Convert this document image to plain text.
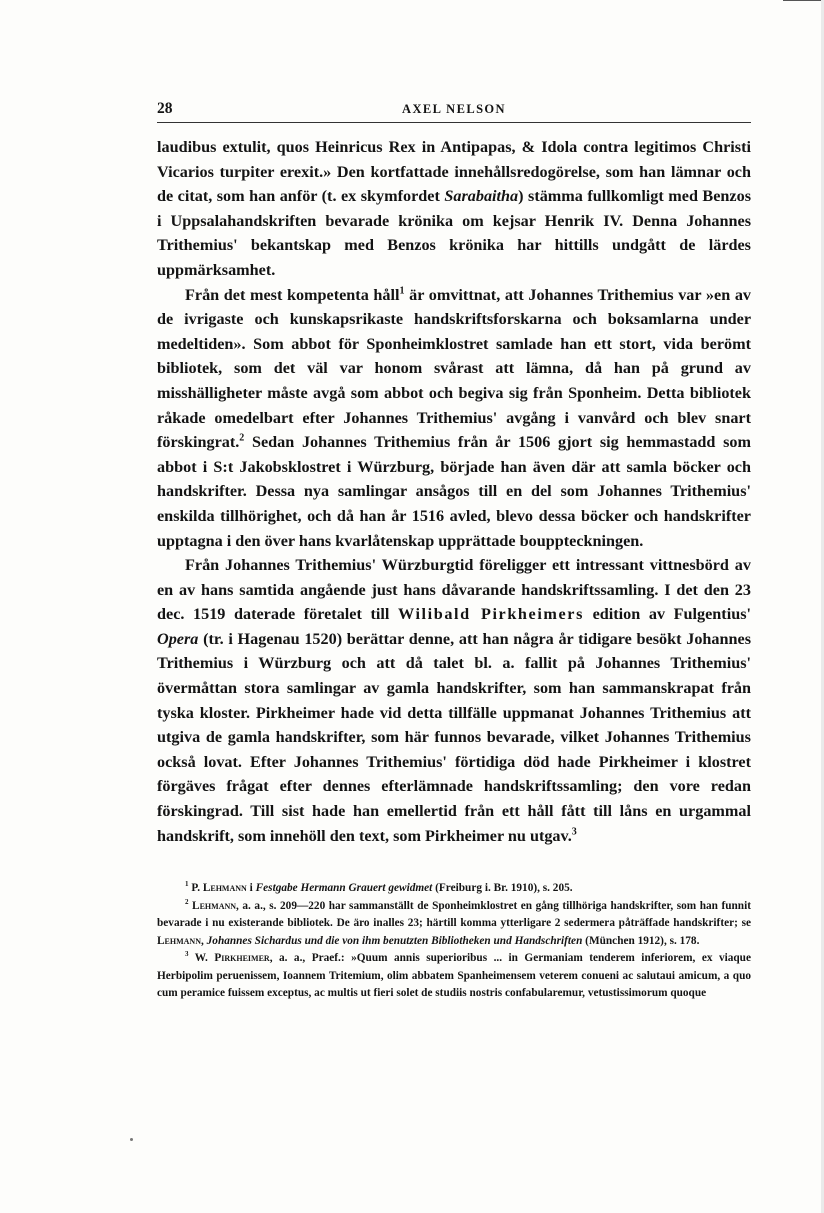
28	AXEL NELSON

laudibus extulit, quos Heinricus Rex in Antipapas, & Idola contra legitimos Christi Vicarios turpiter erexit.» Den kortfattade innehållsredogörelse, som han lämnar och de citat, som han anför (t. ex skymfordet Sarabaitha) stämma fullkomligt med Benzos i Uppsalahandskriften bevarade krönika om kejsar Henrik IV. Denna Johannes Trithemius' bekantskap med Benzos krönika har hittills undgått de lärdes uppmärksamhet.

Från det mest kompetenta håll$^1$ är omvittnat, att Johannes Trithemius var »en av de ivrigaste och kunskapsrikaste handskriftsforskarna och boksamlarna under medeltiden». Som abbot för Sponheimklostret samlade han ett stort, vida berömt bibliotek, som det väl var honom svårast att lämna, då han på grund av misshälligheter måste avgå som abbot och begiva sig från Sponheim. Detta bibliotek råkade omedelbart efter Johannes Trithemius' avgång i vanvård och blev snart förskingrat.$^2$ Sedan Johannes Trithemius från år 1506 gjort sig hemmastadd som abbot i S:t Jakobsklostret i Würzburg, började han även där att samla böcker och handskrifter. Dessa nya samlingar ansågos till en del som Johannes Trithemius' enskilda tillhörighet, och då han år 1516 avled, blevo dessa böcker och handskrifter upptagna i den över hans kvarlåtenskap upprättade bouppteckningen.

Från Johannes Trithemius' Würzburgtid föreligger ett intressant vittnesbörd av en av hans samtida angående just hans dåvarande handskriftssamling. I det den 23 dec. 1519 daterade företalet till Wilibald Pirkheimers edition av Fulgentius' Opera (tr. i Hagenau 1520) berättar denne, att han några år tidigare besökt Johannes Trithemius i Würzburg och att då talet bl. a. fallit på Johannes Trithemius' övermåttan stora samlingar av gamla handskrifter, som han sammanskrapat från tyska kloster. Pirkheimer hade vid detta tillfälle uppmanat Johannes Trithemius att utgiva de gamla handskrifter, som här funnos bevarade, vilket Johannes Trithemius också lovat. Efter Johannes Trithemius' förtidiga död hade Pirkheimer i klostret förgäves frågat efter dennes efterlämnade handskriftssamling; den vore redan förskingrad. Till sist hade han emellertid från ett håll fått till låns en urgammal handskrift, som innehöll den text, som Pirkheimer nu utgav.$^3$

$^1$ P. Lehmann i Festgabe Hermann Grauert gewidmet (Freiburg i. Br. 1910), s. 205.

$^2$ Lehmann, a. a., s. 209—220 har sammanställt de Sponheimklostret en gång tillhöriga handskrifter, som han funnit bevarade i nu existerande bibliotek. De äro inalles 23; härtill komma ytterligare 2 sedermera påträffade handskrifter; se Lehmann, Johannes Sichardus und die von ihm benutzten Bibliotheken und Handschriften (München 1912), s. 178.

$^3$ W. Pirkheimer, a. a., Praef.: »Quum annis superioribus ... in Germaniam tenderem inferiorem, ex viaque Herbipolim peruenissem, Ioannem Tritemium, olim abbatem Spanheimensem veterem conueni ac salutaui amicum, a quo cum peramice fuissem exceptus, ac multis ut fieri solet de studiis nostris confabularemur, vetustissimorum quoque
